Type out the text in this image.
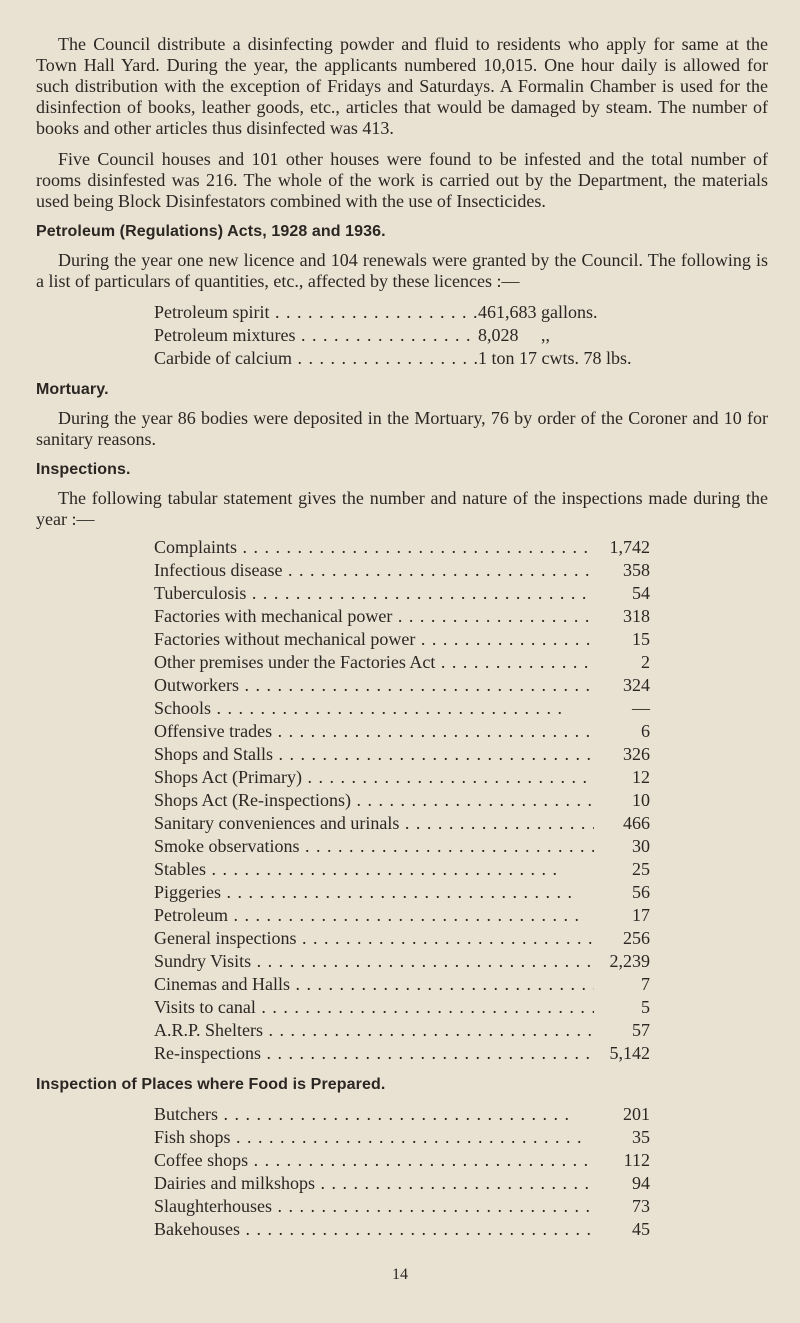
The Council distribute a disinfecting powder and fluid to residents who apply for same at the Town Hall Yard. During the year, the applicants numbered 10,015. One hour daily is allowed for such distribution with the exception of Fridays and Saturdays. A Formalin Chamber is used for the disinfection of books, leather goods, etc., articles that would be damaged by steam. The number of books and other articles thus disinfected was 413.

Five Council houses and 101 other houses were found to be infested and the total number of rooms disinfested was 216. The whole of the work is carried out by the Department, the materials used being Block Disinfestators combined with the use of Insecticides.

Petroleum (Regulations) Acts, 1928 and 1936.

During the year one new licence and 104 renewals were granted by the Council. The following is a list of particulars of quantities, etc., affected by these licences :—

Petroleum spirit . . .	461,683 gallons.
Petroleum mixtures . . .	8,028     ,,
Carbide of calcium . . .	1 ton 17 cwts. 78 lbs.
Mortuary.

During the year 86 bodies were deposited in the Mortuary, 76 by order of the Coroner and 10 for sanitary reasons.

Inspections.

The following tabular statement gives the number and nature of the inspections made during the year :—

Complaints . . .	1,742
Infectious disease . . .	358
Tuberculosis . . .	54
Factories with mechanical power . . .	318
Factories without mechanical power . . .	15
Other premises under the Factories Act . . .	2
Outworkers . . .	324
Schools . . .	—
Offensive trades . . .	6
Shops and Stalls . . .	326
Shops Act (Primary) . . .	12
Shops Act (Re-inspections) . . .	10
Sanitary conveniences and urinals . . .	466
Smoke observations . . .	30
Stables . . .	25
Piggeries . . .	56
Petroleum . . .	17
General inspections . . .	256
Sundry Visits . . .	2,239
Cinemas and Halls . . .	7
Visits to canal . . .	5
A.R.P. Shelters . . .	57
Re-inspections . . .	5,142
Inspection of Places where Food is Prepared.
Butchers . . .	201
Fish shops . . .	35
Coffee shops . . .	112
Dairies and milkshops . . .	94
Slaughterhouses . . .	73
Bakehouses . . .	45
14
